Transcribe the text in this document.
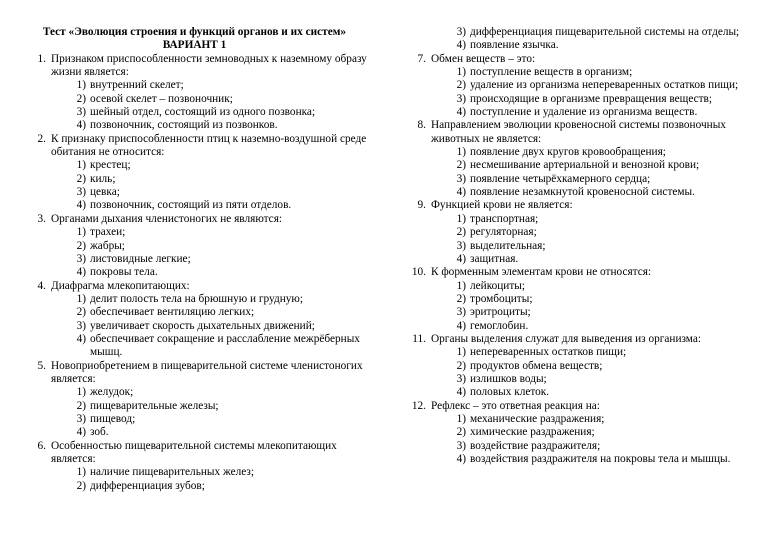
Тест «Эволюция строения и функций органов и их систем»
ВАРИАНТ 1
1. Признаком приспособленности земноводных к наземному образу жизни является:
1) внутренний скелет;
2) осевой скелет – позвоночник;
3) шейный отдел, состоящий из одного позвонка;
4) позвоночник, состоящий из позвонков.
2. К признаку приспособленности птиц к наземно-воздушной среде обитания не относится:
1) крестец;
2) киль;
3) цевка;
4) позвоночник, состоящий из пяти отделов.
3. Органами дыхания членистоногих не являются:
1) трахеи;
2) жабры;
3) листовидные легкие;
4) покровы тела.
4. Диафрагма млекопитающих:
1) делит полость тела на брюшную и грудную;
2) обеспечивает вентиляцию легких;
3) увеличивает скорость дыхательных движений;
4) обеспечивает сокращение и расслабление межрёберных мышц.
5. Новоприобретением в пищеварительной системе членистоногих является:
1) желудок;
2) пищеварительные железы;
3) пищевод;
4) зоб.
6. Особенностью пищеварительной системы млекопитающих является:
1) наличие пищеварительных желез;
2) дифференциация зубов;
3) дифференциация пищеварительной системы на отделы;
4) появление язычка.
7. Обмен веществ – это:
1) поступление веществ в организм;
2) удаление из организма непереваренных остатков пищи;
3) происходящие в организме превращения веществ;
4) поступление и удаление из организма веществ.
8. Направлением эволюции кровеносной системы позвоночных животных не является:
1) появление двух кругов кровообращения;
2) несмешивание артериальной и венозной крови;
3) появление четырёхкамерного сердца;
4) появление незамкнутой кровеносной системы.
9. Функцией крови не является:
1) транспортная;
2) регуляторная;
3) выделительная;
4) защитная.
10. К форменным элементам крови не относятся:
1) лейкоциты;
2) тромбоциты;
3) эритроциты;
4) гемоглобин.
11. Органы выделения служат для выведения из организма:
1) непереваренных остатков пищи;
2) продуктов обмена веществ;
3) излишков воды;
4) половых клеток.
12. Рефлекс – это ответная реакция на:
1) механические раздражения;
2) химические раздражения;
3) воздействие раздражителя;
4) воздействия раздражителя на покровы тела и мышцы.
